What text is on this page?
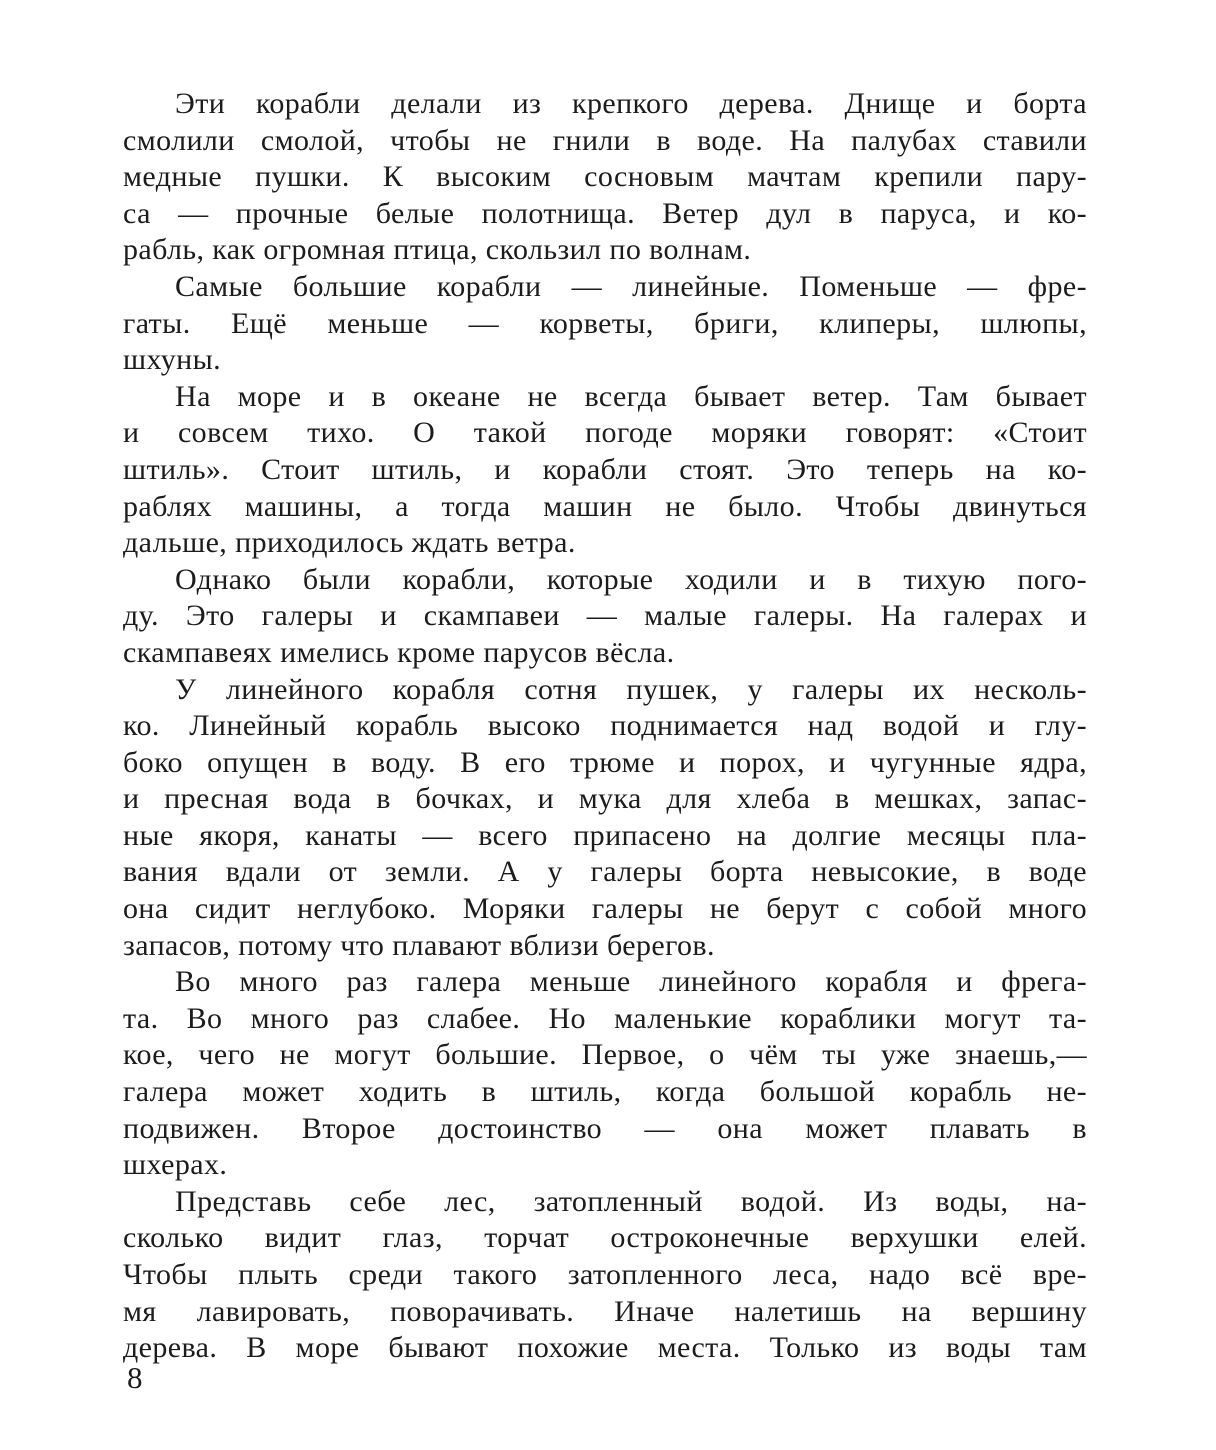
Эти корабли делали из крепкого дерева. Днище и борта
смолили смолой, чтобы не гнили в воде. На палубах ставили
медные пушки. К высоким сосновым мачтам крепили пару-
са — прочные белые полотнища. Ветер дул в паруса, и ко-
рабль, как огромная птица, скользил по волнам.
Самые большие корабли — линейные. Поменьше — фре-
гаты. Ещё меньше — корветы, бриги, клиперы, шлюпы,
шхуны.
На море и в океане не всегда бывает ветер. Там бывает
и совсем тихо. О такой погоде моряки говорят: «Стоит
штиль». Стоит штиль, и корабли стоят. Это теперь на ко-
раблях машины, а тогда машин не было. Чтобы двинуться
дальше, приходилось ждать ветра.
Однако были корабли, которые ходили и в тихую пого-
ду. Это галеры и скампавеи — малые галеры. На галерах и
скампавеях имелись кроме парусов вёсла.
У линейного корабля сотня пушек, у галеры их несколь-
ко. Линейный корабль высоко поднимается над водой и глу-
боко опущен в воду. В его трюме и порох, и чугунные ядра,
и пресная вода в бочках, и мука для хлеба в мешках, запас-
ные якоря, канаты — всего припасено на долгие месяцы пла-
вания вдали от земли. А у галеры борта невысокие, в воде
она сидит неглубоко. Моряки галеры не берут с собой много
запасов, потому что плавают вблизи берегов.
Во много раз галера меньше линейного корабля и фрега-
та. Во много раз слабее. Но маленькие кораблики могут та-
кое, чего не могут большие. Первое, о чём ты уже знаешь,—
галера может ходить в штиль, когда большой корабль не-
подвижен. Второе достоинство — она может плавать в
шхерах.
Представь себе лес, затопленный водой. Из воды, на-
сколько видит глаз, торчат остроконечные верхушки елей.
Чтобы плыть среди такого затопленного леса, надо всё вре-
мя лавировать, поворачивать. Иначе налетишь на вершину
дерева. В море бывают похожие места. Только из воды там
8
